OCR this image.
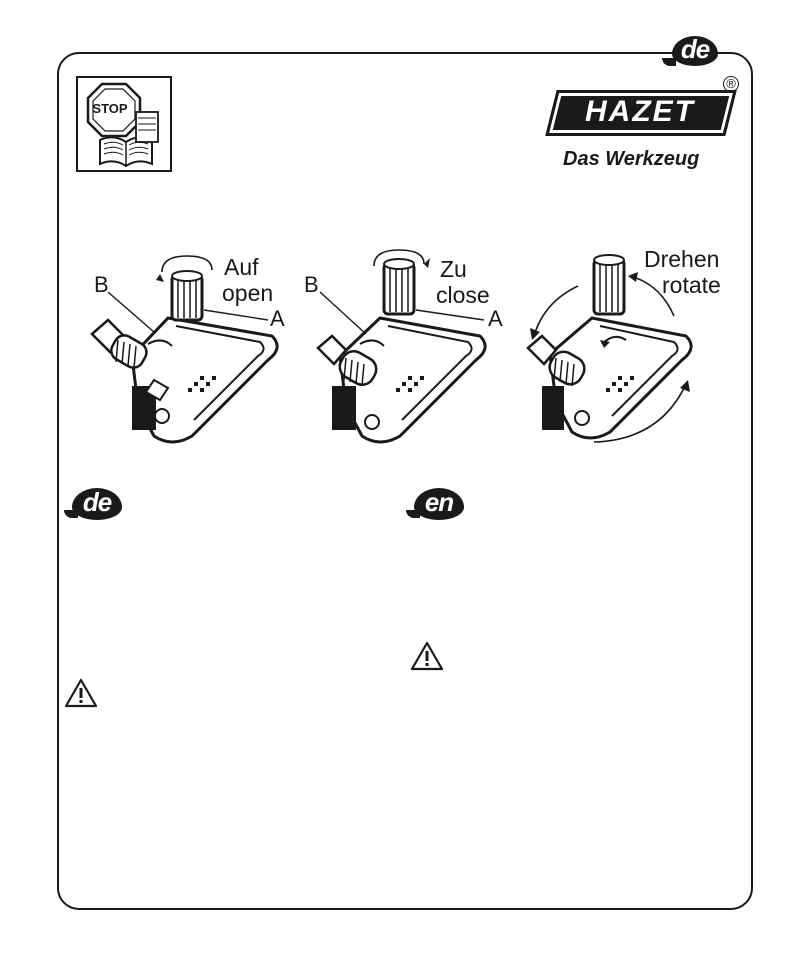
de
STOP	HAZET
®
Das Werkzeug
B
A
Auf
open B
A
Zu
close
Drehen
rotate
de	en
